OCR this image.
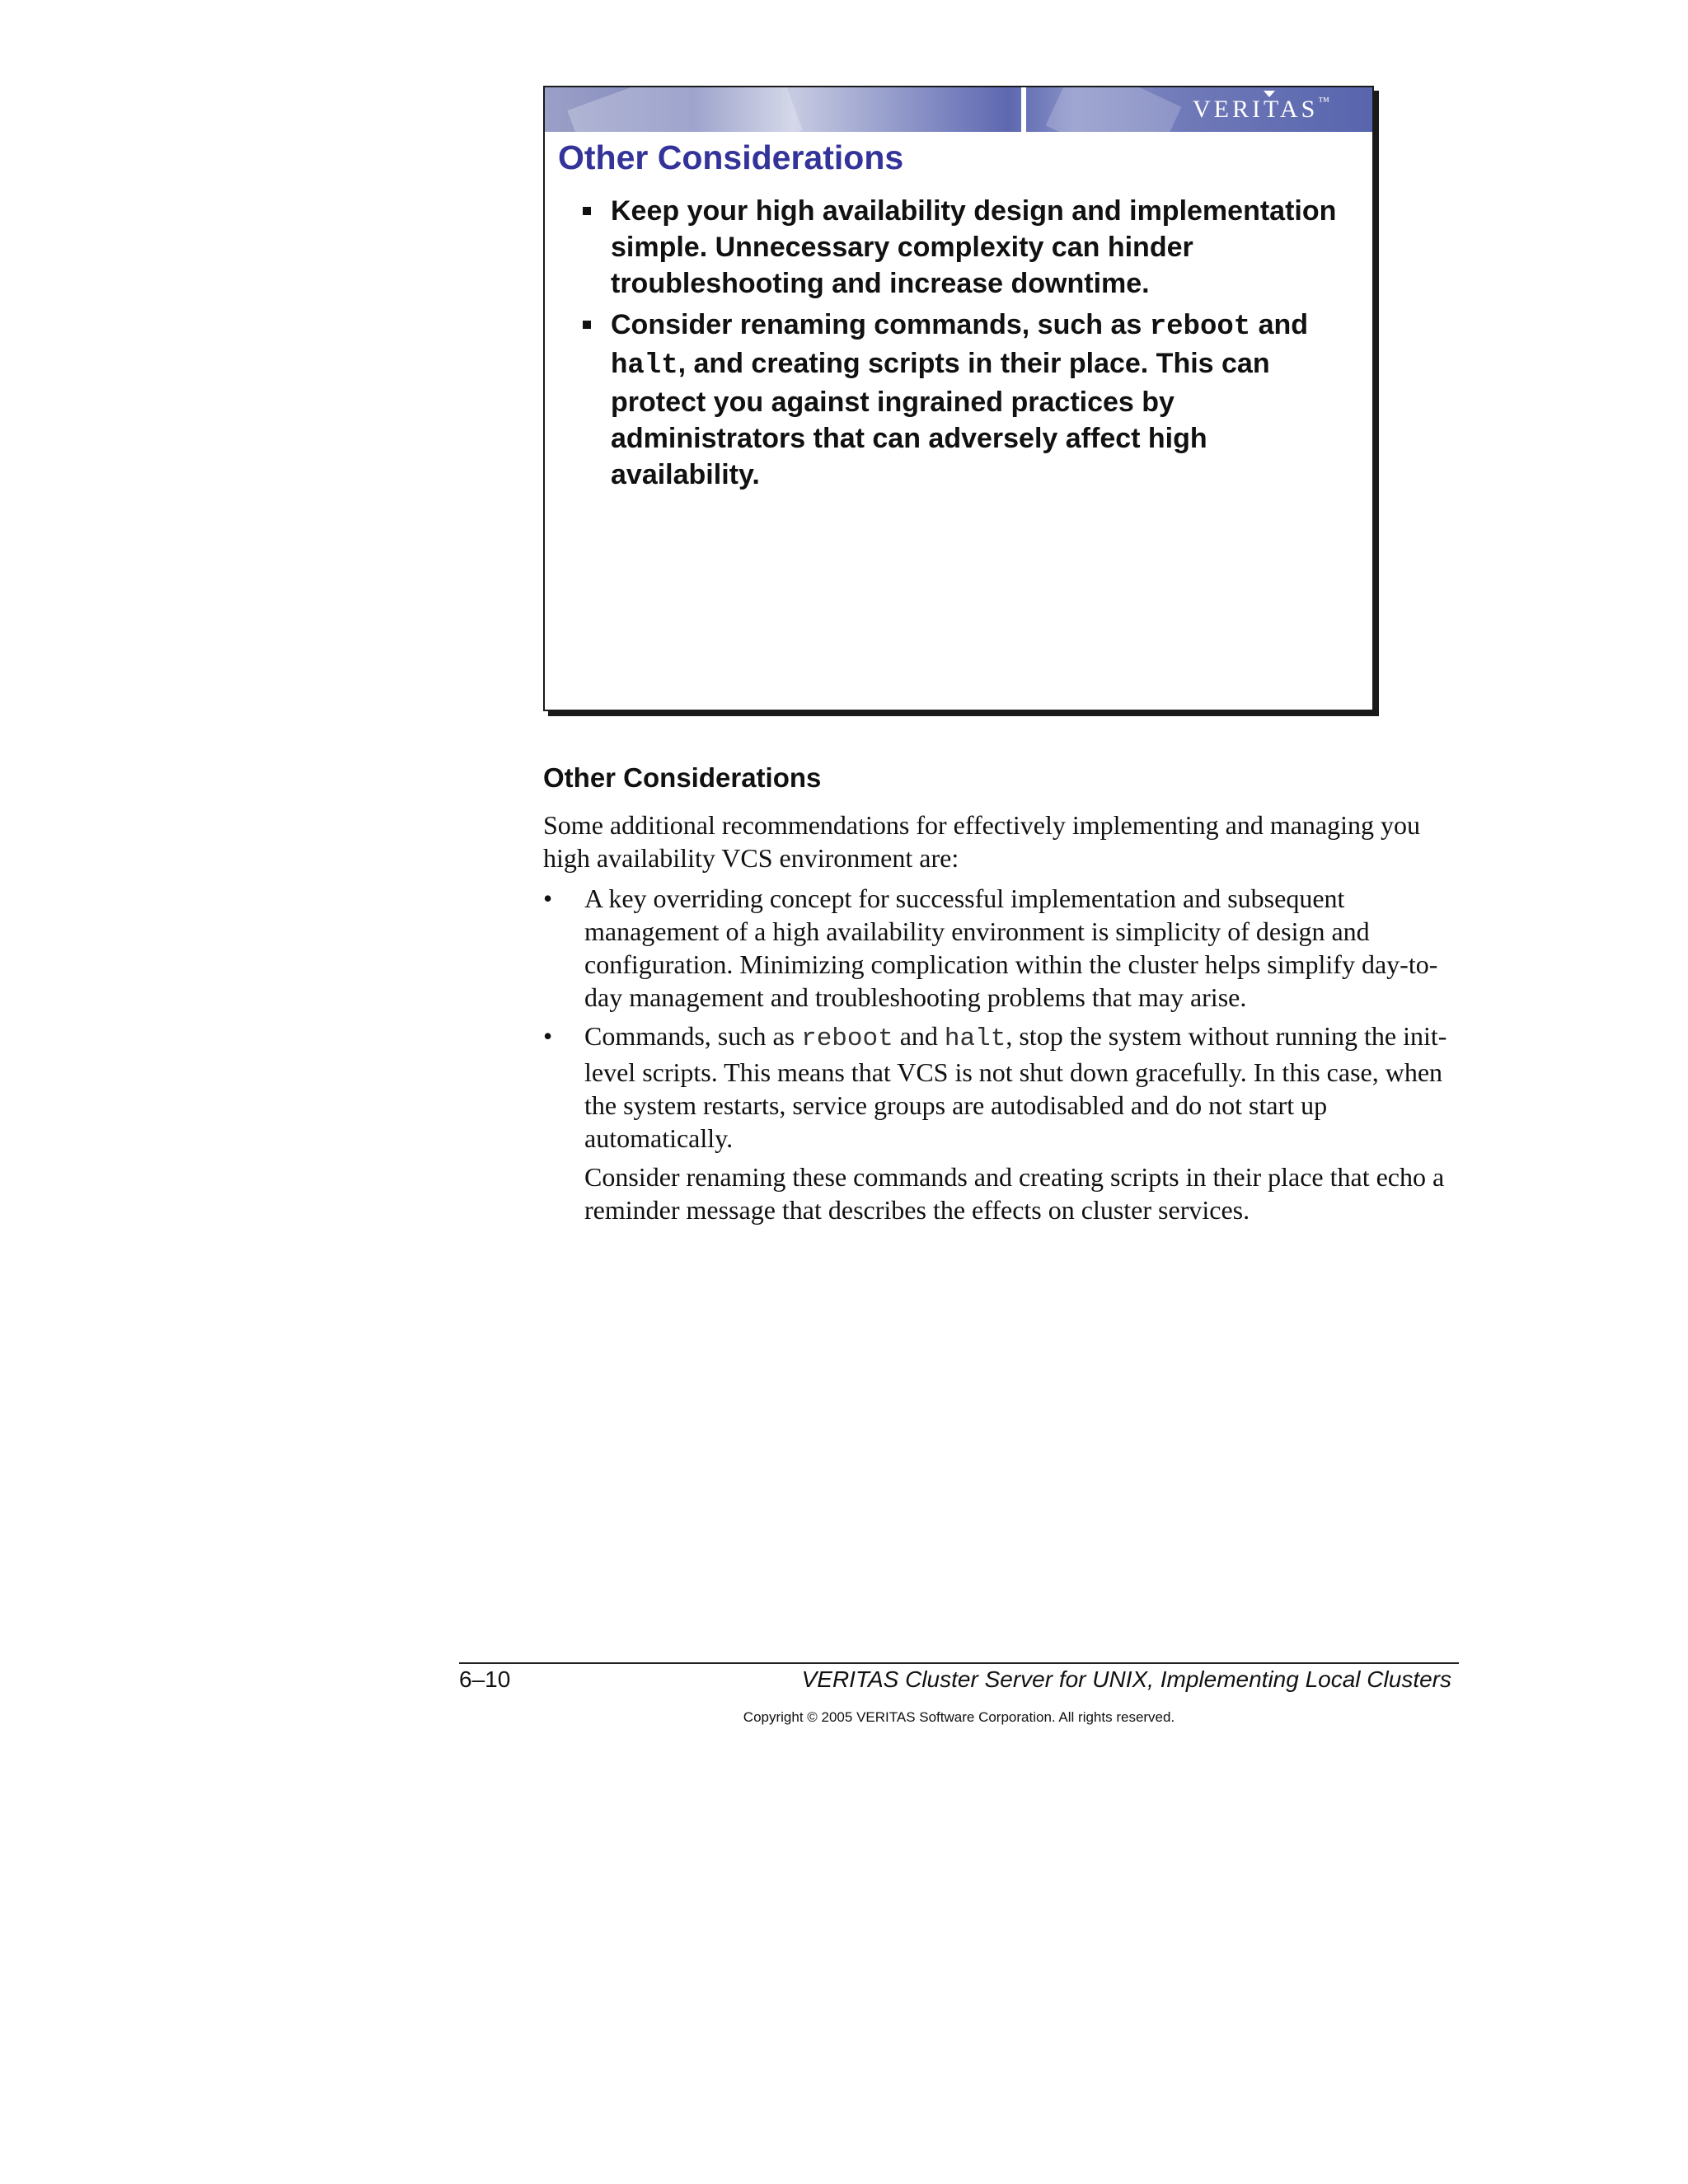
VERITAS™
Other Considerations
Keep your high availability design and implementation simple. Unnecessary complexity can hinder troubleshooting and increase downtime.
Consider renaming commands, such as reboot and halt, and creating scripts in their place. This can protect you against ingrained practices by administrators that can adversely affect high availability.
Other Considerations

Some additional recommendations for effectively implementing and managing you high availability VCS environment are:

• A key overriding concept for successful implementation and subsequent management of a high availability environment is simplicity of design and configuration. Minimizing complication within the cluster helps simplify day-to-day management and troubleshooting problems that may arise.

• Commands, such as reboot and halt, stop the system without running the init-level scripts. This means that VCS is not shut down gracefully. In this case, when the system restarts, service groups are autodisabled and do not start up automatically.

Consider renaming these commands and creating scripts in their place that echo a reminder message that describes the effects on cluster services.

6–10	VERITAS Cluster Server for UNIX, Implementing Local Clusters
Copyright © 2005 VERITAS Software Corporation. All rights reserved.
